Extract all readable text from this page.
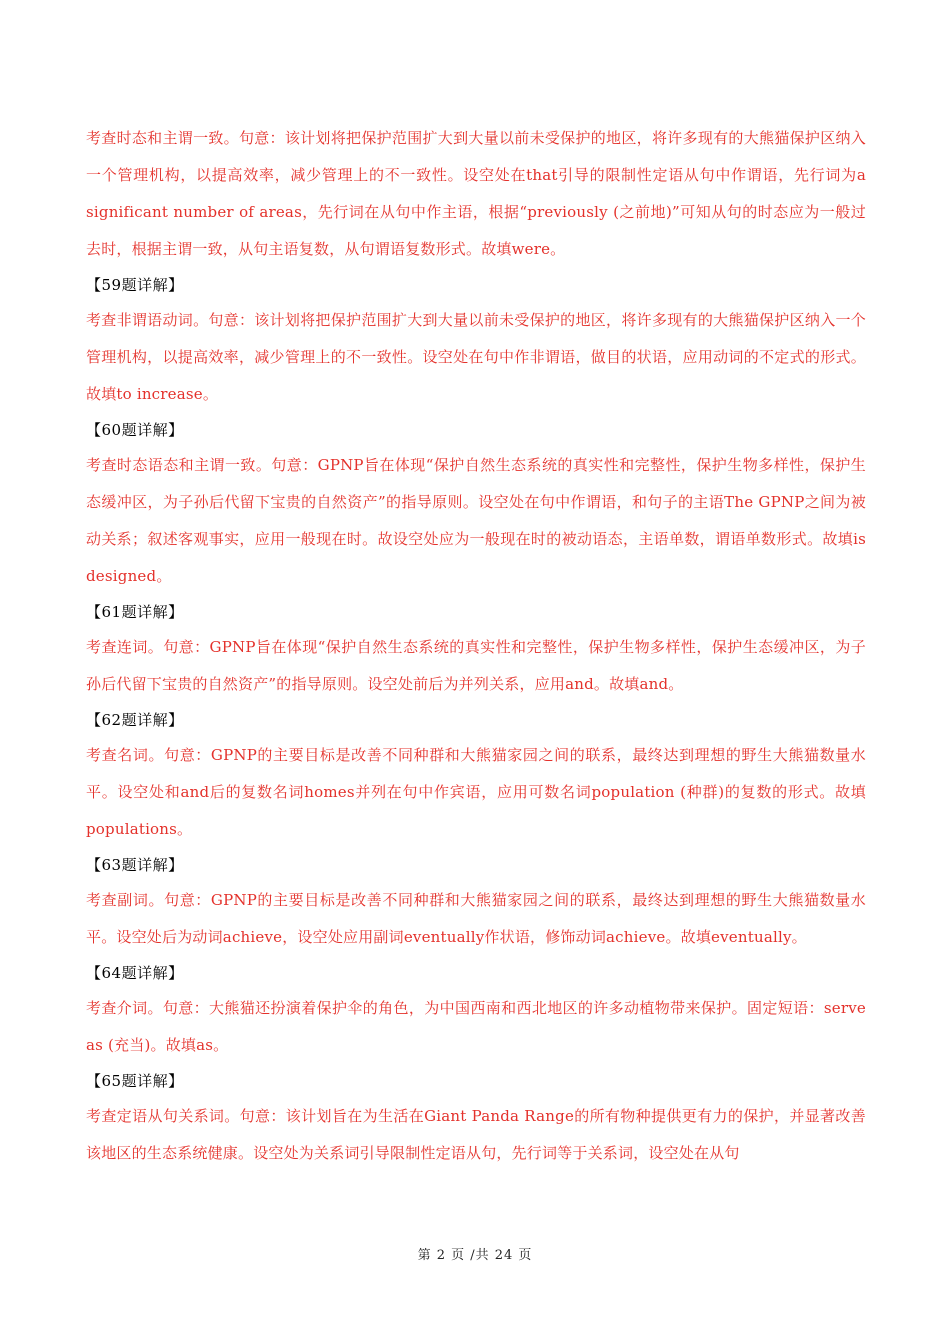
考查时态和主谓一致。句意：该计划将把保护范围扩大到大量以前未受保护的地区，将许多现有的大熊猫保护区纳入一个管理机构，以提高效率，减少管理上的不一致性。设空处在that引导的限制性定语从句中作谓语，先行词为a significant number of areas，先行词在从句中作主语，根据“previously (之前地)”可知从句的时态应为一般过去时，根据主谓一致，从句主语复数，从句谓语复数形式。故填were。

【59题详解】

考查非谓语动词。句意：该计划将把保护范围扩大到大量以前未受保护的地区，将许多现有的大熊猫保护区纳入一个管理机构，以提高效率，减少管理上的不一致性。设空处在句中作非谓语，做目的状语，应用动词的不定式的形式。故填to increase。

【60题详解】

考查时态语态和主谓一致。句意：GPNP旨在体现“保护自然生态系统的真实性和完整性，保护生物多样性，保护生态缓冲区，为子孙后代留下宝贵的自然资产”的指导原则。设空处在句中作谓语，和句子的主语The GPNP之间为被动关系；叙述客观事实，应用一般现在时。故设空处应为一般现在时的被动语态，主语单数，谓语单数形式。故填is designed。

【61题详解】

考查连词。句意：GPNP旨在体现“保护自然生态系统的真实性和完整性，保护生物多样性，保护生态缓冲区，为子孙后代留下宝贵的自然资产”的指导原则。设空处前后为并列关系，应用and。故填and。

【62题详解】

考查名词。句意：GPNP的主要目标是改善不同种群和大熊猫家园之间的联系，最终达到理想的野生大熊猫数量水平。设空处和and后的复数名词homes并列在句中作宾语，应用可数名词population (种群)的复数的形式。故填populations。

【63题详解】

考查副词。句意：GPNP的主要目标是改善不同种群和大熊猫家园之间的联系，最终达到理想的野生大熊猫数量水平。设空处后为动词achieve，设空处应用副词eventually作状语，修饰动词achieve。故填eventually。

【64题详解】

考查介词。句意：大熊猫还扮演着保护伞的角色，为中国西南和西北地区的许多动植物带来保护。固定短语：serve as (充当)。故填as。

【65题详解】

考查定语从句关系词。句意：该计划旨在为生活在Giant Panda Range的所有物种提供更有力的保护，并显著改善该地区的生态系统健康。设空处为关系词引导限制性定语从句，先行词等于关系词，设空处在从句

第 2 页 /共 24 页
